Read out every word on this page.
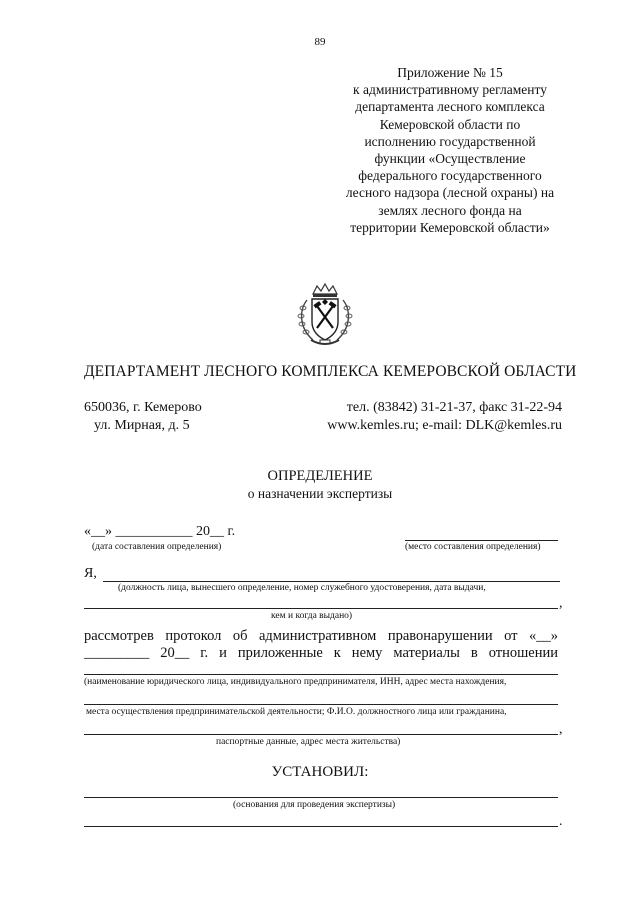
89
Приложение № 15
к административному регламенту
департамента лесного комплекса
Кемеровской области по
исполнению государственной
функции «Осуществление
федерального государственного
лесного надзора (лесной охраны) на
землях лесного фонда на
территории Кемеровской области»
ДЕПАРТАМЕНТ ЛЕСНОГО КОМПЛЕКСА КЕМЕРОВСКОЙ ОБЛАСТИ
650036, г. Кемерово
ул. Мирная, д. 5
тел. (83842) 31-21-37, факс 31-22-94
www.kemles.ru; e-mail: DLK@kemles.ru
ОПРЕДЕЛЕНИЕ
о назначении экспертизы
«__» ___________ 20__ г.
(дата составления определения)	(место составления определения)
Я,
(должность лица, вынесшего определение, номер служебного удостоверения, дата выдачи,
,
кем и когда выдано)
рассмотрев протокол об административном правонарушении от «__»
_________ 20__ г. и приложенные к нему материалы в отношении
(наименование юридического лица, индивидуального предпринимателя, ИНН, адрес места нахождения,
места осуществления предпринимательской деятельности; Ф.И.О. должностного лица или гражданина,
,
паспортные данные, адрес места жительства)
УСТАНОВИЛ:
(основания для проведения экспертизы)
.
